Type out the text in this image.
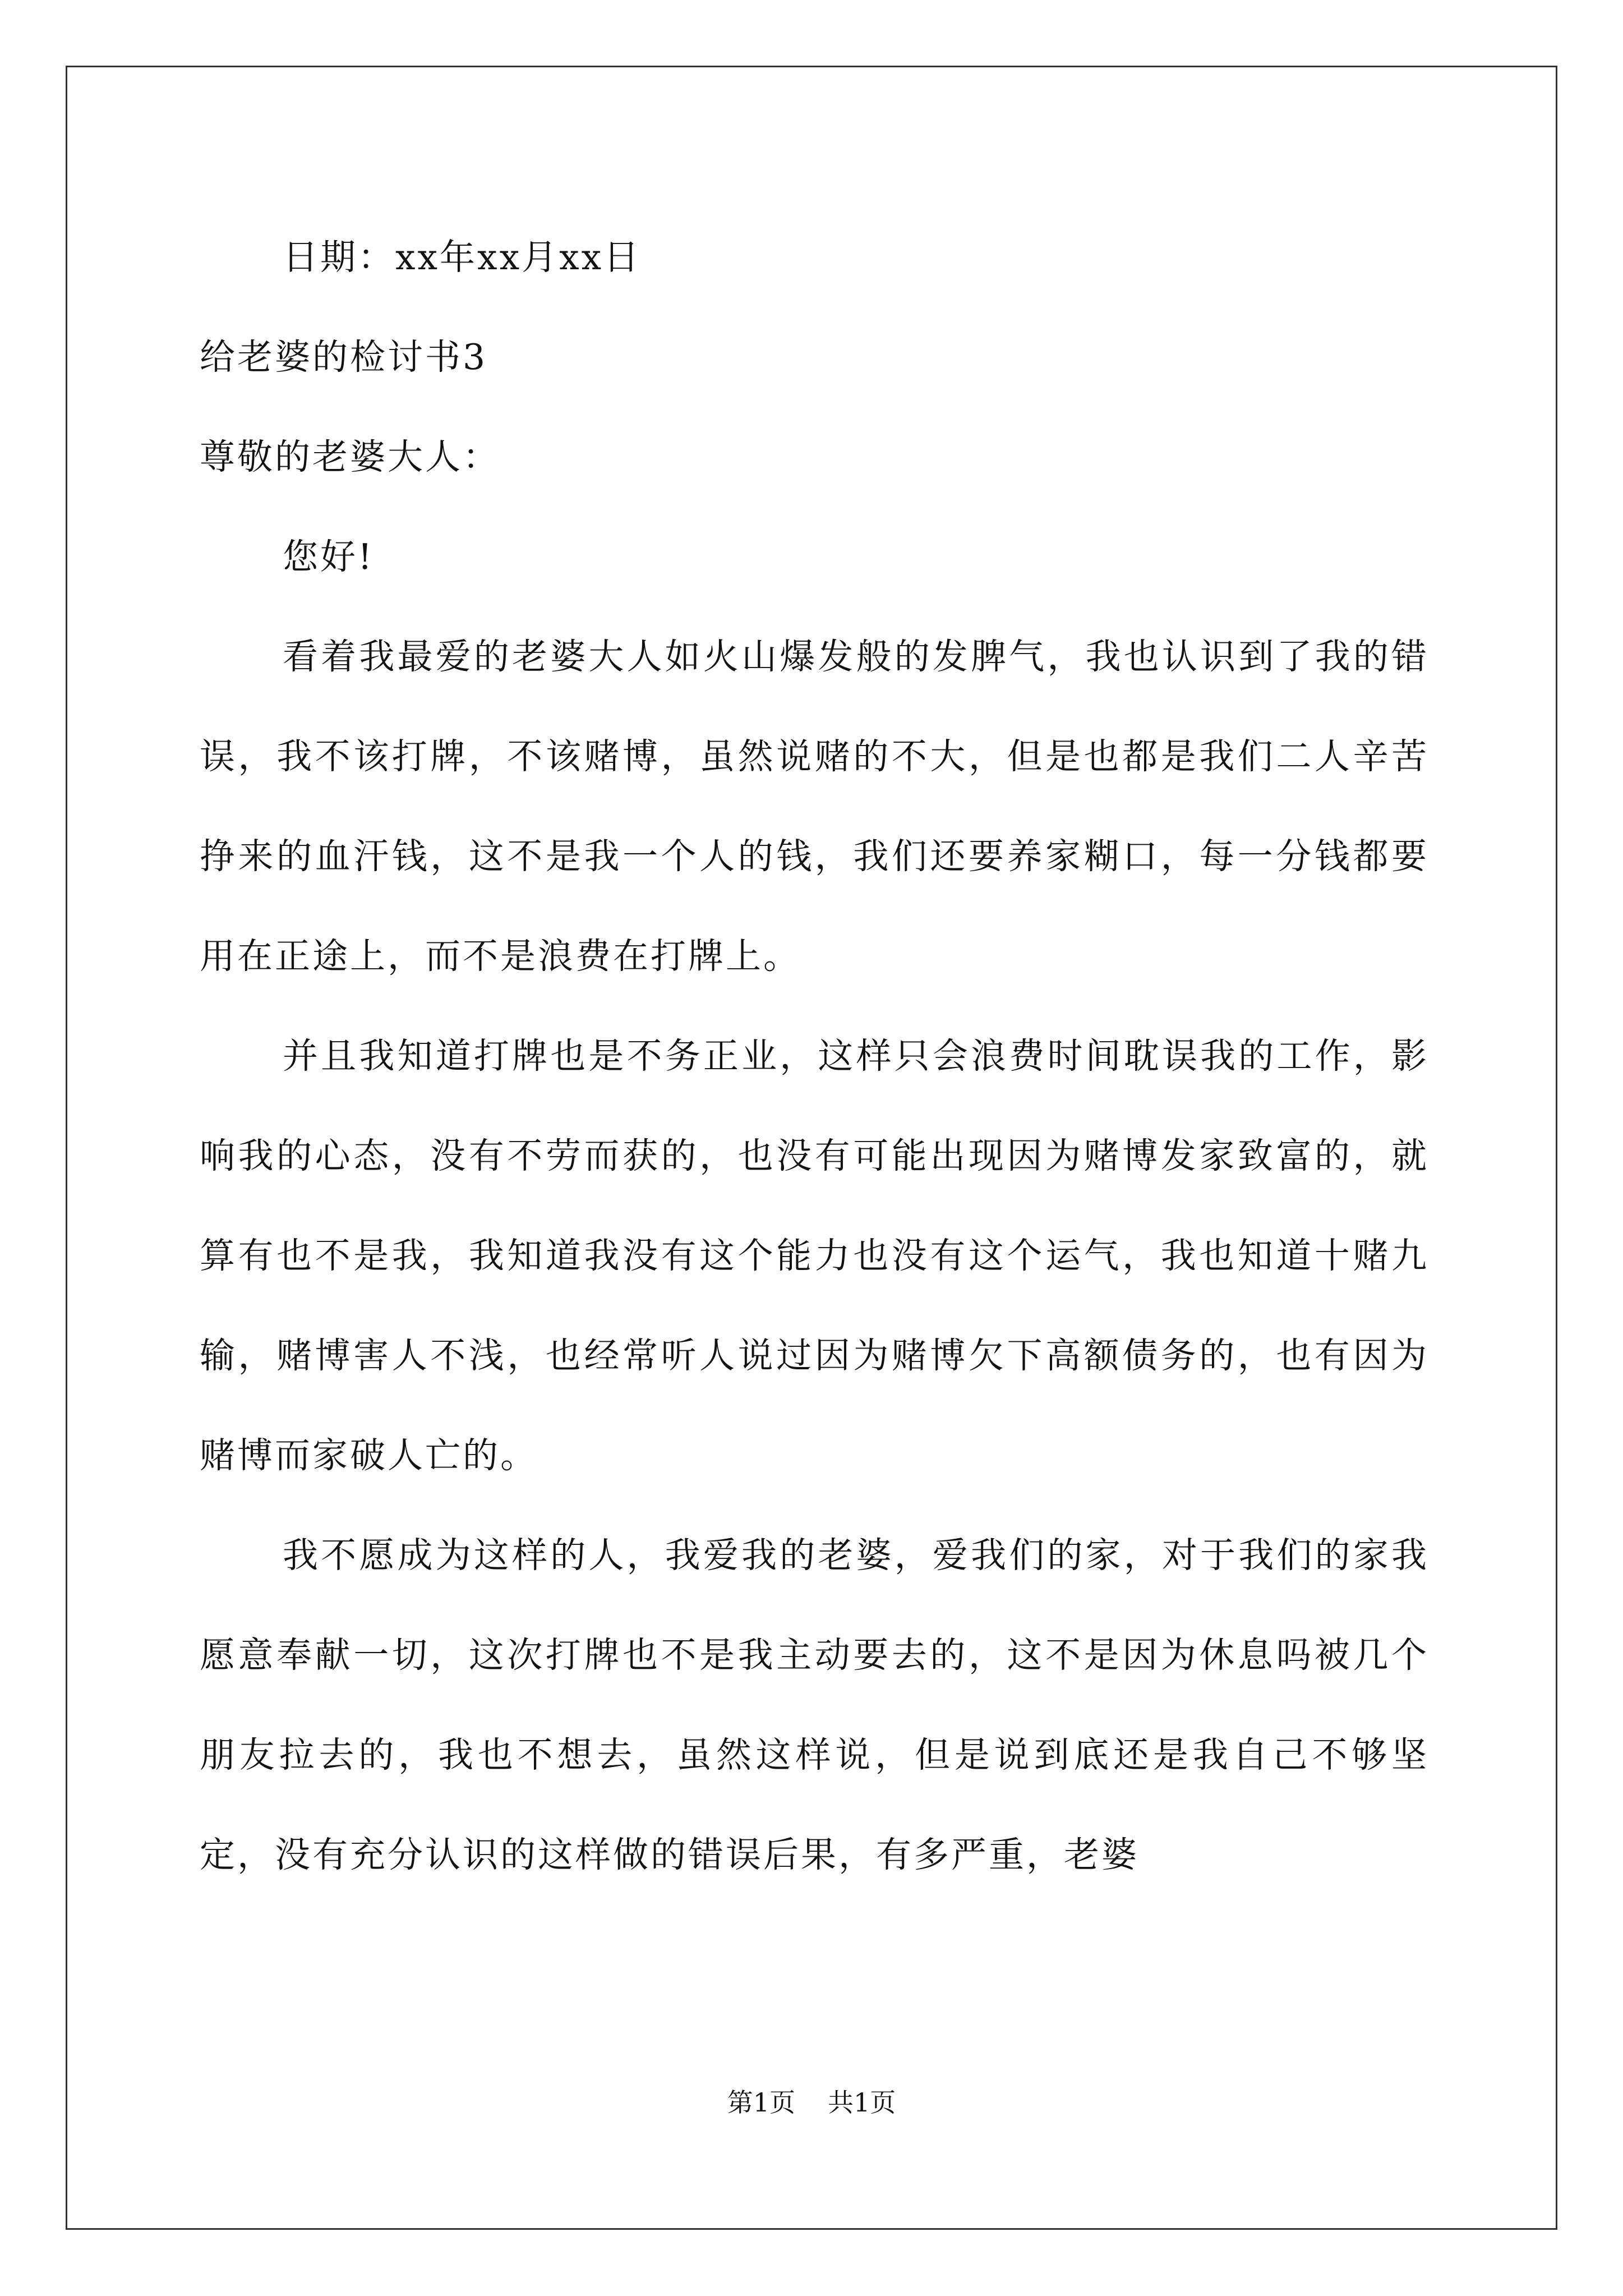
日期：xx年xx月xx日
给老婆的检讨书3
尊敬的老婆大人：
您好!
看着我最爱的老婆大人如火山爆发般的发脾气，我也认识到了我的错误，我不该打牌，不该赌博，虽然说赌的不大，但是也都是我们二人辛苦挣来的血汗钱，这不是我一个人的钱，我们还要养家糊口，每一分钱都要用在正途上，而不是浪费在打牌上。
并且我知道打牌也是不务正业，这样只会浪费时间耽误我的工作，影响我的心态，没有不劳而获的，也没有可能出现因为赌博发家致富的，就算有也不是我，我知道我没有这个能力也没有这个运气，我也知道十赌九输，赌博害人不浅，也经常听人说过因为赌博欠下高额债务的，也有因为赌博而家破人亡的。
我不愿成为这样的人，我爱我的老婆，爱我们的家，对于我们的家我愿意奉献一切，这次打牌也不是我主动要去的，这不是因为休息吗被几个朋友拉去的，我也不想去，虽然这样说，但是说到底还是我自己不够坚定，没有充分认识的这样做的错误后果，有多严重，老婆
第1页 共1页
